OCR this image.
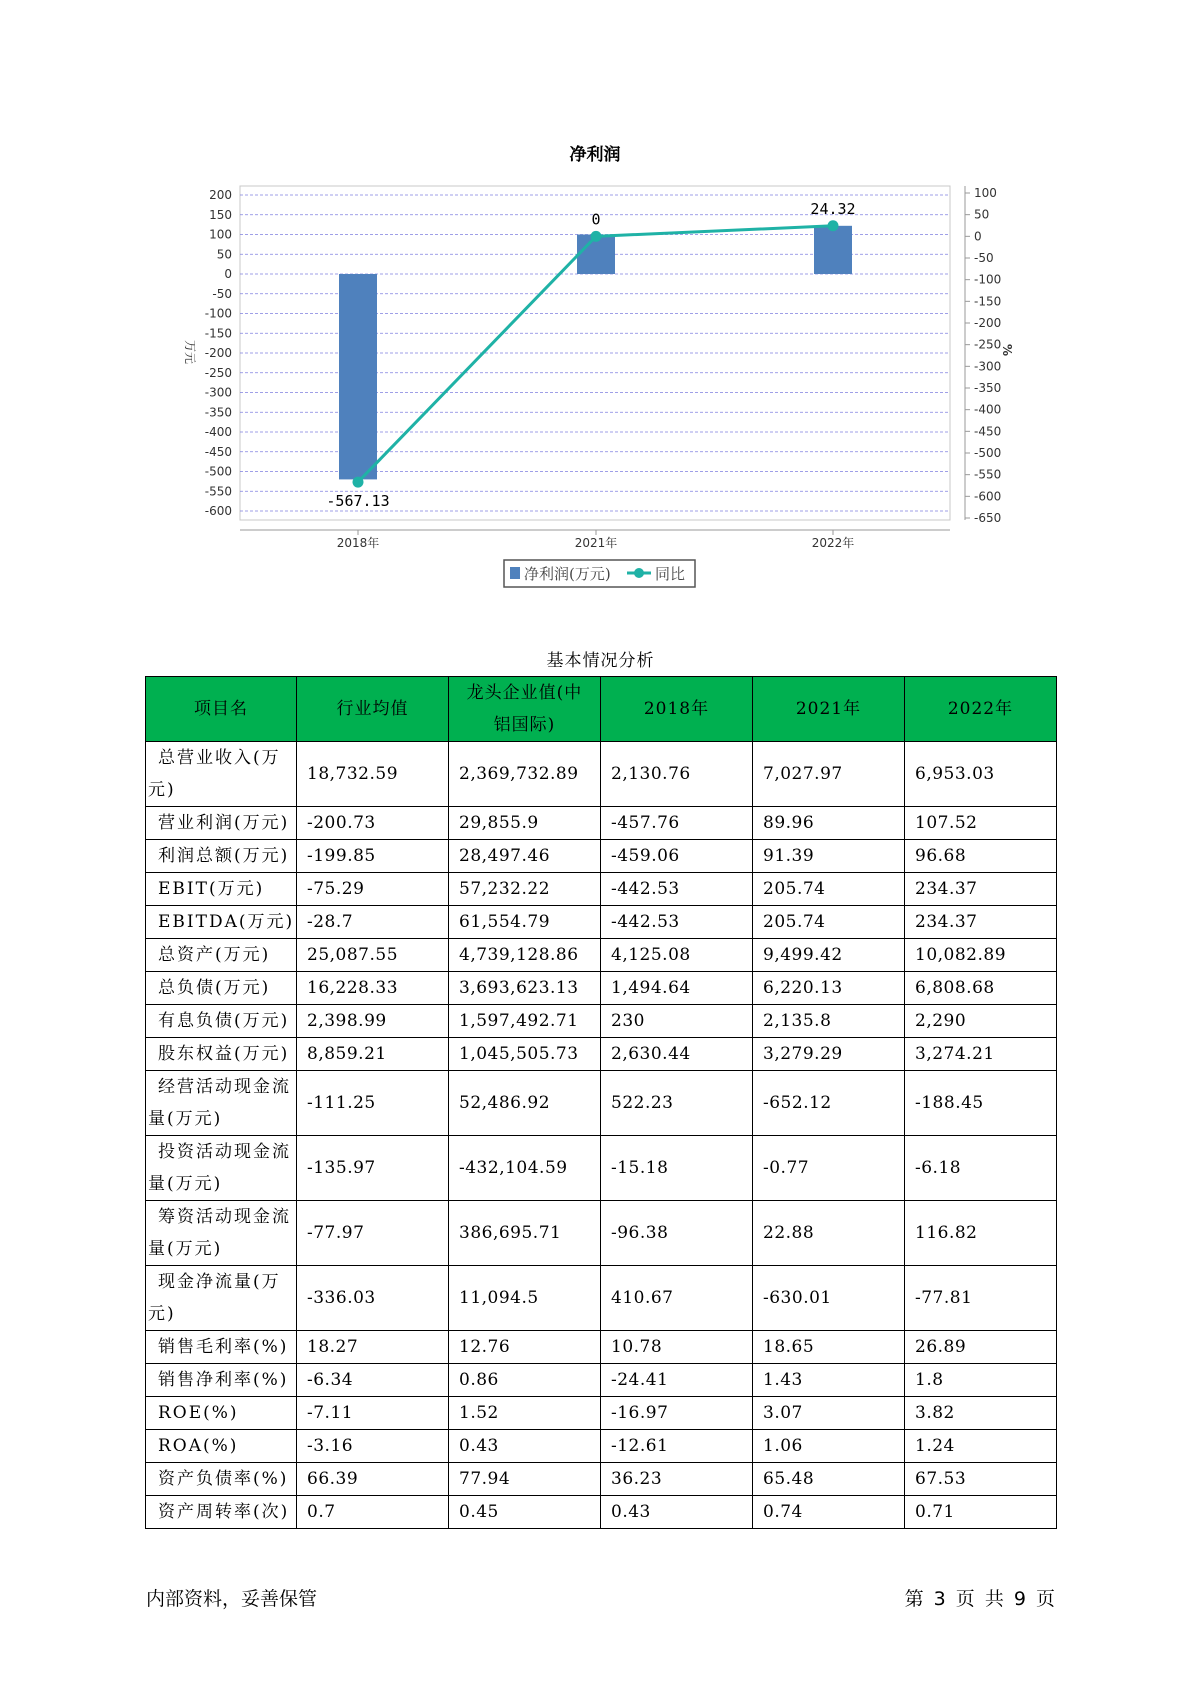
净利润
200
150
100
50
0
-50
-100
-150
-200
-250
-300
-350
-400
-450
-500
-550
-600
100
50
0
-50
-100
-150
-200
-250
-300
-350
-400
-450
-500
-550
-600
-650
-567.13
0
24.32
2018年	2021年	2022年
万元	%
净利润(万元)	同比
基本情况分析
项目名	行业均值	龙头企业值(中铝国际)	2018年	2021年	2022年
总营业收入(万元)	18,732.59	2,369,732.89	2,130.76	7,027.97	6,953.03
营业利润(万元)	-200.73	29,855.9	-457.76	89.96	107.52
利润总额(万元)	-199.85	28,497.46	-459.06	91.39	96.68
EBIT(万元)	-75.29	57,232.22	-442.53	205.74	234.37
EBITDA(万元)	-28.7	61,554.79	-442.53	205.74	234.37
总资产(万元)	25,087.55	4,739,128.86	4,125.08	9,499.42	10,082.89
总负债(万元)	16,228.33	3,693,623.13	1,494.64	6,220.13	6,808.68
有息负债(万元)	2,398.99	1,597,492.71	230	2,135.8	2,290
股东权益(万元)	8,859.21	1,045,505.73	2,630.44	3,279.29	3,274.21
经营活动现金流量(万元)	-111.25	52,486.92	522.23	-652.12	-188.45
投资活动现金流量(万元)	-135.97	-432,104.59	-15.18	-0.77	-6.18
筹资活动现金流量(万元)	-77.97	386,695.71	-96.38	22.88	116.82
现金净流量(万元)	-336.03	11,094.5	410.67	-630.01	-77.81
销售毛利率(%)	18.27	12.76	10.78	18.65	26.89
销售净利率(%)	-6.34	0.86	-24.41	1.43	1.8
ROE(%)	-7.11	1.52	-16.97	3.07	3.82
ROA(%)	-3.16	0.43	-12.61	1.06	1.24
资产负债率(%)	66.39	77.94	36.23	65.48	67.53
资产周转率(次)	0.7	0.45	0.43	0.74	0.71
内部资料，妥善保管	第 3 页 共 9 页
